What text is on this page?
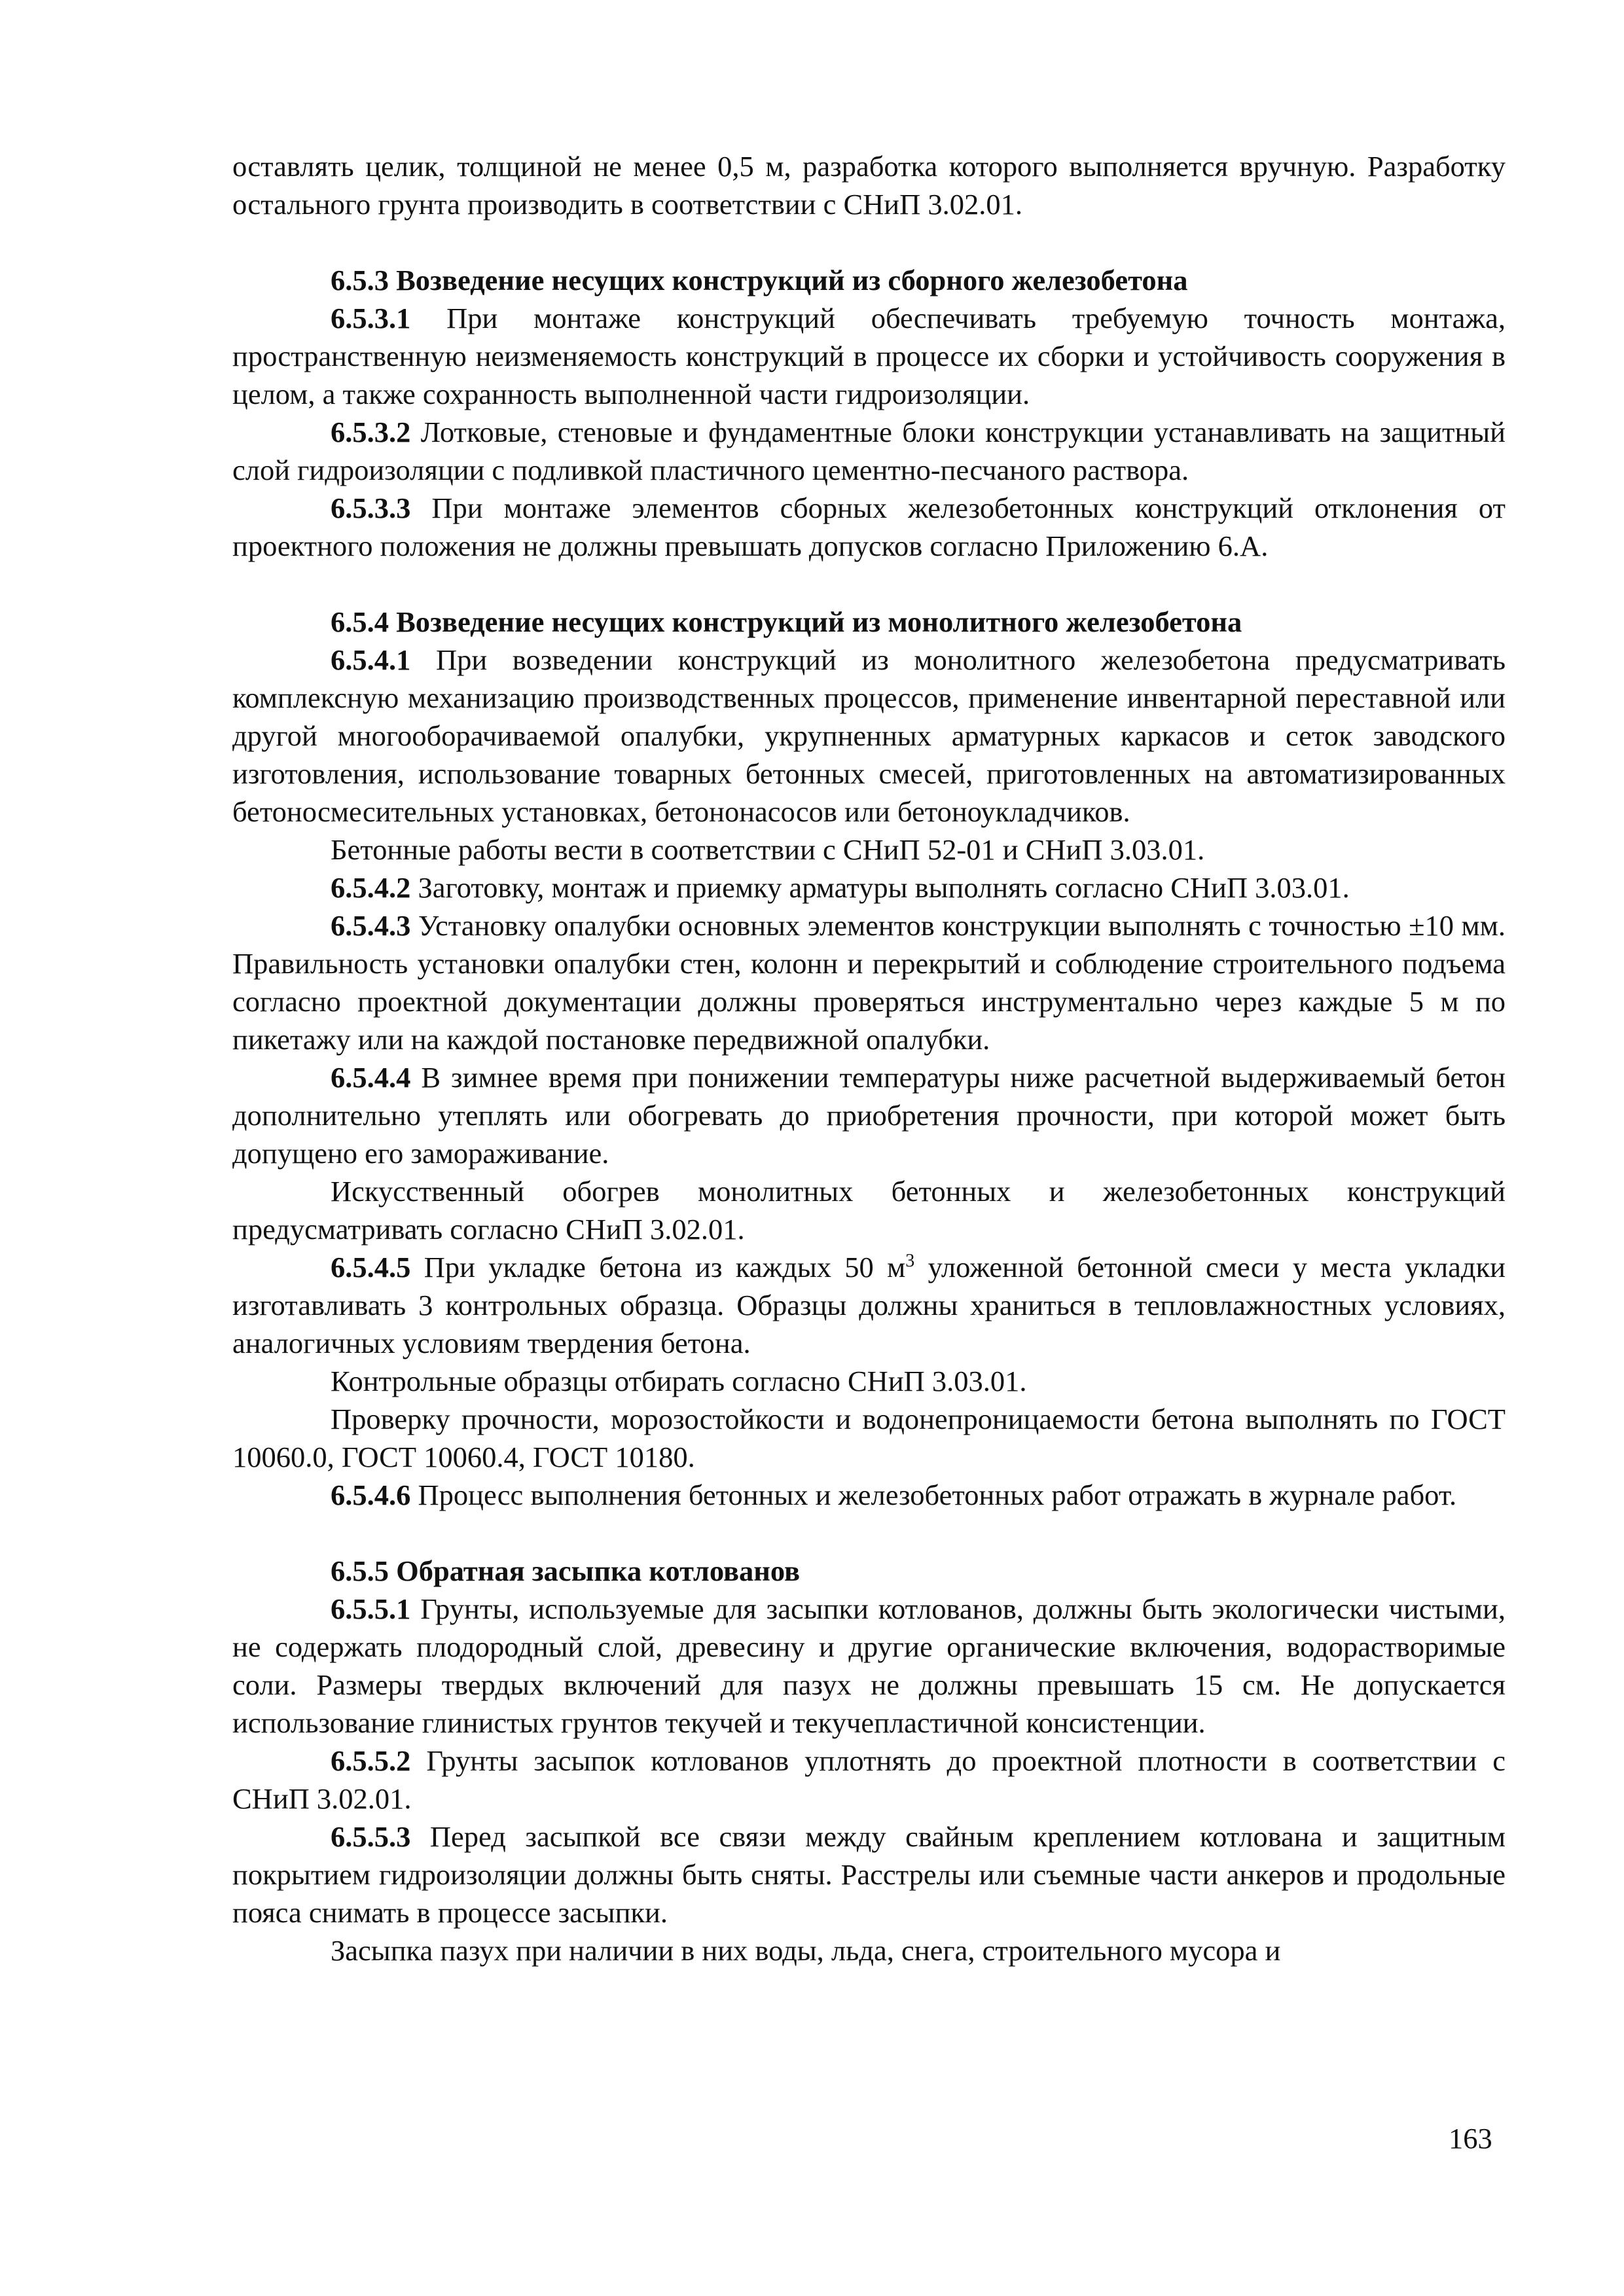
оставлять целик, толщиной не менее 0,5 м, разработка которого выполняется вручную. Разработку остального грунта производить в соответствии с СНиП 3.02.01.

6.5.3 Возведение несущих конструкций из сборного железобетона

6.5.3.1 При монтаже конструкций обеспечивать требуемую точность монтажа, пространственную неизменяемость конструкций в процессе их сборки и устойчивость сооружения в целом, а также сохранность выполненной части гидроизоляции.

6.5.3.2 Лотковые, стеновые и фундаментные блоки конструкции устанавливать на защитный слой гидроизоляции с подливкой пластичного цементно-песчаного раствора.

6.5.3.3 При монтаже элементов сборных железобетонных конструкций отклонения от проектного положения не должны превышать допусков согласно Приложению 6.А.

6.5.4 Возведение несущих конструкций из монолитного железобетона

6.5.4.1 При возведении конструкций из монолитного железобетона предусматривать комплексную механизацию производственных процессов, применение инвентарной переставной или другой многооборачиваемой опалубки, укрупненных арматурных каркасов и сеток заводского изготовления, использование товарных бетонных смесей, приготовленных на автоматизированных бетоносмесительных установках, бетононасосов или бетоноукладчиков.

Бетонные работы вести в соответствии с СНиП 52-01 и СНиП 3.03.01.

6.5.4.2 Заготовку, монтаж и приемку арматуры выполнять согласно СНиП 3.03.01.

6.5.4.3 Установку опалубки основных элементов конструкции выполнять с точностью ±10 мм. Правильность установки опалубки стен, колонн и перекрытий и соблюдение строительного подъема согласно проектной документации должны проверяться инструментально через каждые 5 м по пикетажу или на каждой постановке передвижной опалубки.

6.5.4.4 В зимнее время при понижении температуры ниже расчетной выдерживаемый бетон дополнительно утеплять или обогревать до приобретения прочности, при которой может быть допущено его замораживание.

Искусственный обогрев монолитных бетонных и железобетонных конструкций предусматривать согласно СНиП 3.02.01.

6.5.4.5 При укладке бетона из каждых 50 $м^3$ уложенной бетонной смеси у места укладки изготавливать 3 контрольных образца. Образцы должны храниться в тепловлажностных условиях, аналогичных условиям твердения бетона.

Контрольные образцы отбирать согласно СНиП 3.03.01.

Проверку прочности, морозостойкости и водонепроницаемости бетона выполнять по ГОСТ 10060.0, ГОСТ 10060.4, ГОСТ 10180.

6.5.4.6 Процесс выполнения бетонных и железобетонных работ отражать в журнале работ.

6.5.5 Обратная засыпка котлованов

6.5.5.1 Грунты, используемые для засыпки котлованов, должны быть экологически чистыми, не содержать плодородный слой, древесину и другие органические включения, водорастворимые соли. Размеры твердых включений для пазух не должны превышать 15 см. Не допускается использование глинистых грунтов текучей и текучепластичной консистенции.

6.5.5.2 Грунты засыпок котлованов уплотнять до проектной плотности в соответствии с СНиП 3.02.01.

6.5.5.3 Перед засыпкой все связи между свайным креплением котлована и защитным покрытием гидроизоляции должны быть сняты. Расстрелы или съемные части анкеров и продольные пояса снимать в процессе засыпки.

Засыпка пазух при наличии в них воды, льда, снега, строительного мусора и

163
